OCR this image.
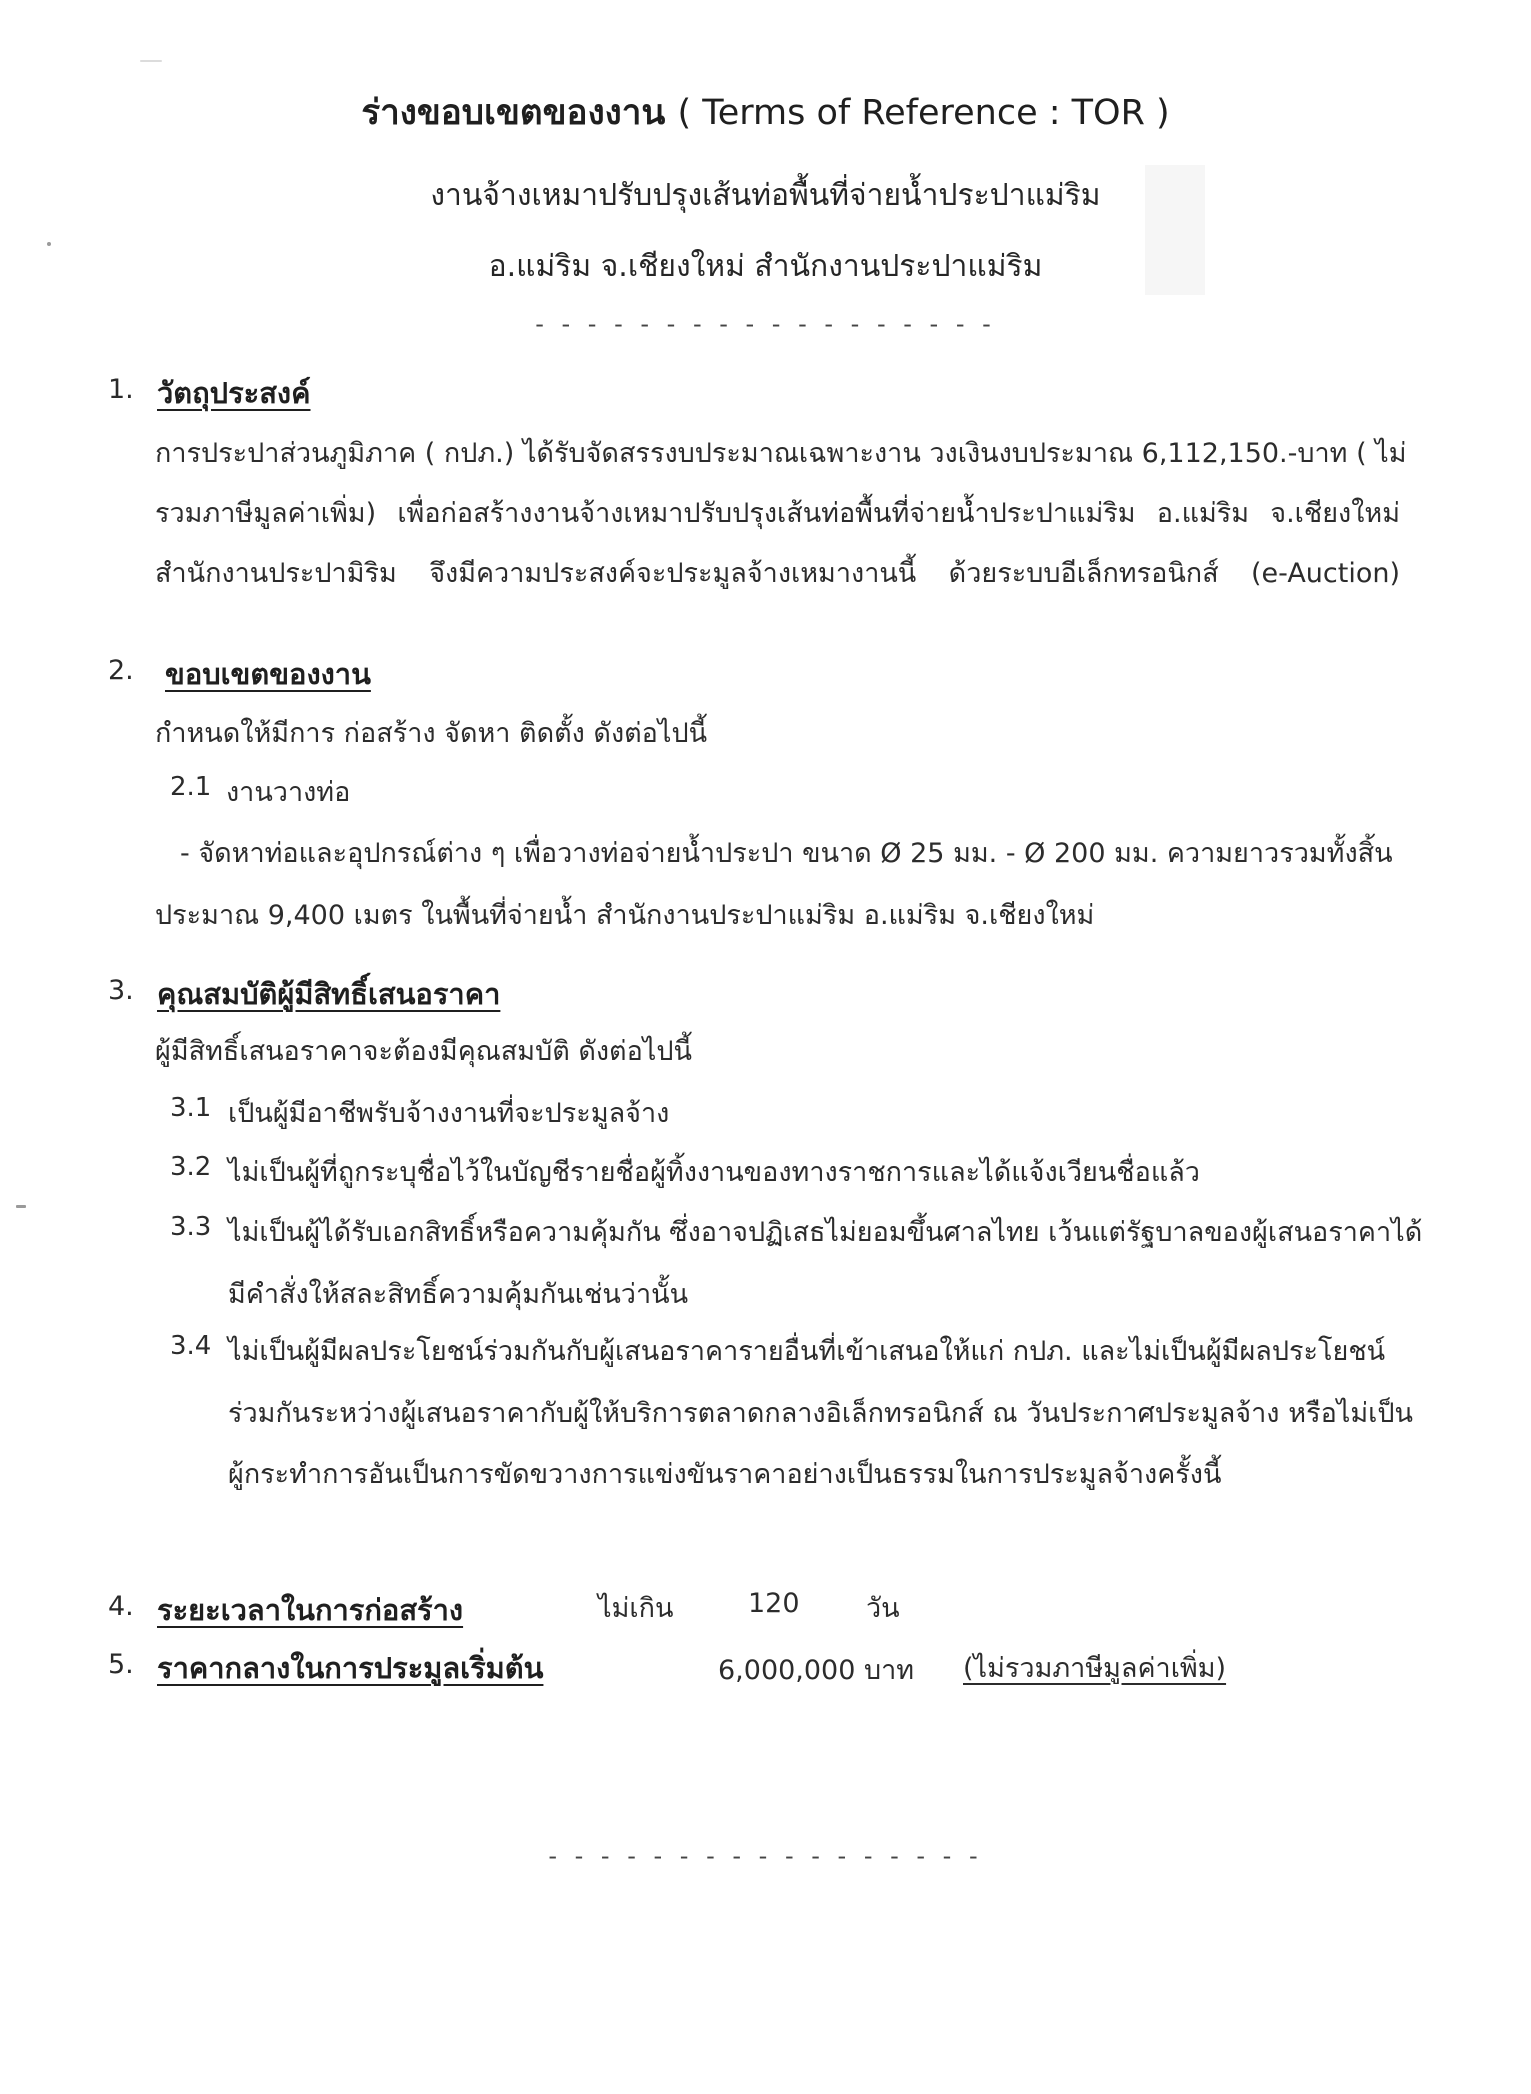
ร่างขอบเขตของงาน ( Terms of Reference : TOR )
งานจ้างเหมาปรับปรุงเส้นท่อพื้นที่จ่ายน้ำประปาแม่ริม
อ.แม่ริม จ.เชียงใหม่ สำนักงานประปาแม่ริม
- - - - - - - - - - - - - - - - - -
1. วัตถุประสงค์
การประปาส่วนภูมิภาค ( กปภ.) ได้รับจัดสรรงบประมาณเฉพาะงาน วงเงินงบประมาณ 6,112,150.-บาท ( ไม่
รวมภาษีมูลค่าเพิ่ม) เพื่อก่อสร้างงานจ้างเหมาปรับปรุงเส้นท่อพื้นที่จ่ายน้ำประปาแม่ริม อ.แม่ริม จ.เชียงใหม่
สำนักงานประปามิริม จึงมีความประสงค์จะประมูลจ้างเหมางานนี้ ด้วยระบบอีเล็กทรอนิกส์ (e-Auction)
2. ขอบเขตของงาน
กำหนดให้มีการ ก่อสร้าง จัดหา ติดตั้ง ดังต่อไปนี้
2.1 งานวางท่อ
- จัดหาท่อและอุปกรณ์ต่าง ๆ เพื่อวางท่อจ่ายน้ำประปา ขนาด Ø 25 มม. - Ø 200 มม. ความยาวรวมทั้งสิ้น
ประมาณ 9,400 เมตร ในพื้นที่จ่ายน้ำ สำนักงานประปาแม่ริม อ.แม่ริม จ.เชียงใหม่
3. คุณสมบัติผู้มีสิทธิ์เสนอราคา
ผู้มีสิทธิ์เสนอราคาจะต้องมีคุณสมบัติ ดังต่อไปนี้
3.1 เป็นผู้มีอาชีพรับจ้างงานที่จะประมูลจ้าง
3.2 ไม่เป็นผู้ที่ถูกระบุชื่อไว้ในบัญชีรายชื่อผู้ทิ้งงานของทางราชการและได้แจ้งเวียนชื่อแล้ว
3.3 ไม่เป็นผู้ได้รับเอกสิทธิ์หรือความคุ้มกัน ซึ่งอาจปฏิเสธไม่ยอมขึ้นศาลไทย เว้นแต่รัฐบาลของผู้เสนอราคาได้
มีคำสั่งให้สละสิทธิ์ความคุ้มกันเช่นว่านั้น
3.4 ไม่เป็นผู้มีผลประโยชน์ร่วมกันกับผู้เสนอราคารายอื่นที่เข้าเสนอให้แก่ กปภ. และไม่เป็นผู้มีผลประโยชน์
ร่วมกันระหว่างผู้เสนอราคากับผู้ให้บริการตลาดกลางอิเล็กทรอนิกส์ ณ วันประกาศประมูลจ้าง หรือไม่เป็น
ผู้กระทำการอันเป็นการขัดขวางการแข่งขันราคาอย่างเป็นธรรมในการประมูลจ้างครั้งนี้
4. ระยะเวลาในการก่อสร้าง	ไม่เกิน	120 วัน
5. ราคากลางในการประมูลเริ่มต้น	6,000,000 บาท (ไม่รวมภาษีมูลค่าเพิ่ม)
- - - - - - - - - - - - - - - - -
